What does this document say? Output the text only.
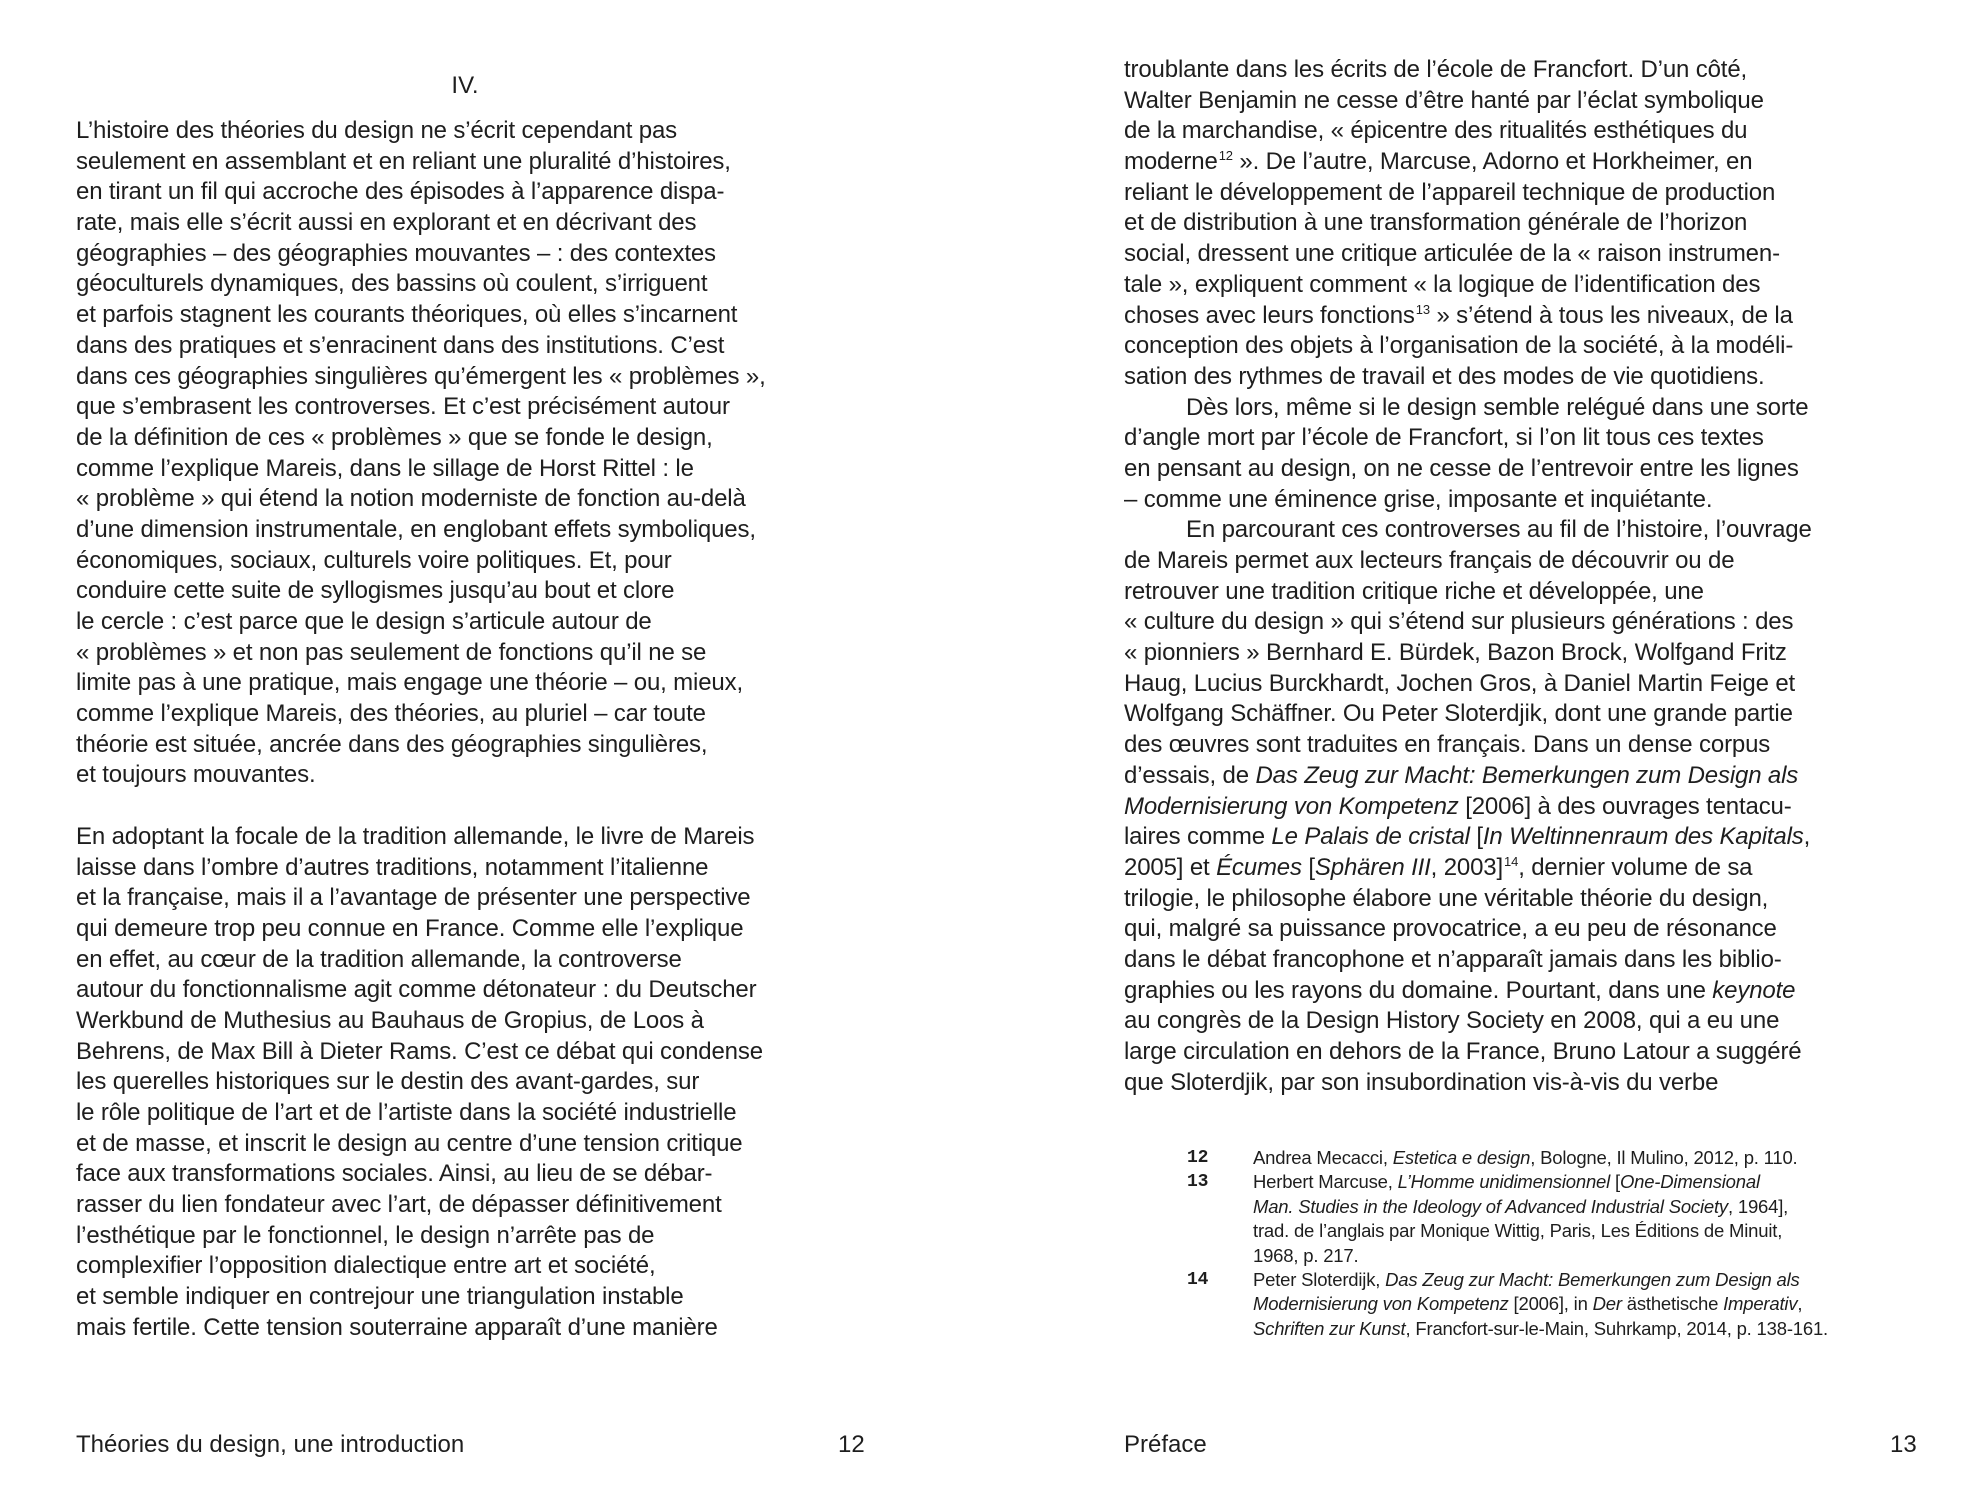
IV.
L’histoire des théories du design ne s’écrit cependant pas
seulement en assemblant et en reliant une pluralité d’histoires,
en tirant un fil qui accroche des épisodes à l’apparence dispa-
rate, mais elle s’écrit aussi en explorant et en décrivant des
géographies – des géographies mouvantes – : des contextes
géoculturels dynamiques, des bassins où coulent, s’irriguent
et parfois stagnent les courants théoriques, où elles s’incarnent
dans des pratiques et s’enracinent dans des institutions. C’est
dans ces géographies singulières qu’émergent les « problèmes »,
que s’embrasent les controverses. Et c’est précisément autour
de la définition de ces « problèmes » que se fonde le design,
comme l’explique Mareis, dans le sillage de Horst Rittel : le
« problème » qui étend la notion moderniste de fonction au-delà
d’une dimension instrumentale, en englobant effets symboliques,
économiques, sociaux, culturels voire politiques. Et, pour
conduire cette suite de syllogismes jusqu’au bout et clore
le cercle : c’est parce que le design s’articule autour de
« problèmes » et non pas seulement de fonctions qu’il ne se
limite pas à une pratique, mais engage une théorie – ou, mieux,
comme l’explique Mareis, des théories, au pluriel – car toute
théorie est située, ancrée dans des géographies singulières,
et toujours mouvantes.
En adoptant la focale de la tradition allemande, le livre de Mareis
laisse dans l’ombre d’autres traditions, notamment l’italienne
et la française, mais il a l’avantage de présenter une perspective
qui demeure trop peu connue en France. Comme elle l’explique
en effet, au cœur de la tradition allemande, la controverse
autour du fonctionnalisme agit comme détonateur : du Deutscher
Werkbund de Muthesius au Bauhaus de Gropius, de Loos à
Behrens, de Max Bill à Dieter Rams. C’est ce débat qui condense
les querelles historiques sur le destin des avant-gardes, sur
le rôle politique de l’art et de l’artiste dans la société industrielle
et de masse, et inscrit le design au centre d’une tension critique
face aux transformations sociales. Ainsi, au lieu de se débar-
rasser du lien fondateur avec l’art, de dépasser définitivement
l’esthétique par le fonctionnel, le design n’arrête pas de
complexifier l’opposition dialectique entre art et société,
et semble indiquer en contrejour une triangulation instable
mais fertile. Cette tension souterraine apparaît d’une manière
Théories du design, une introduction	12
troublante dans les écrits de l’école de Francfort. D’un côté,
Walter Benjamin ne cesse d’être hanté par l’éclat symbolique
de la marchandise, « épicentre des ritualités esthétiques du
moderne$^{12}$ ». De l’autre, Marcuse, Adorno et Horkheimer, en
reliant le développement de l’appareil technique de production
et de distribution à une transformation générale de l’horizon
social, dressent une critique articulée de la « raison instrumen-
tale », expliquent comment « la logique de l’identification des
choses avec leurs fonctions$^{13}$ » s’étend à tous les niveaux, de la
conception des objets à l’organisation de la société, à la modéli-
sation des rythmes de travail et des modes de vie quotidiens.
Dès lors, même si le design semble relégué dans une sorte
d’angle mort par l’école de Francfort, si l’on lit tous ces textes
en pensant au design, on ne cesse de l’entrevoir entre les lignes
– comme une éminence grise, imposante et inquiétante.
En parcourant ces controverses au fil de l’histoire, l’ouvrage
de Mareis permet aux lecteurs français de découvrir ou de
retrouver une tradition critique riche et développée, une
« culture du design » qui s’étend sur plusieurs générations : des
« pionniers » Bernhard E. Bürdek, Bazon Brock, Wolfgand Fritz
Haug, Lucius Burckhardt, Jochen Gros, à Daniel Martin Feige et
Wolfgang Schäffner. Ou Peter Sloterdjik, dont une grande partie
des œuvres sont traduites en français. Dans un dense corpus
d’essais, de Das Zeug zur Macht: Bemerkungen zum Design als
Modernisierung von Kompetenz [2006] à des ouvrages tentacu-
laires comme Le Palais de cristal [In Weltinnenraum des Kapitals,
2005] et Écumes [Sphären III, 2003]$^{14}$, dernier volume de sa
trilogie, le philosophe élabore une véritable théorie du design,
qui, malgré sa puissance provocatrice, a eu peu de résonance
dans le débat francophone et n’apparaît jamais dans les biblio-
graphies ou les rayons du domaine. Pourtant, dans une keynote
au congrès de la Design History Society en 2008, qui a eu une
large circulation en dehors de la France, Bruno Latour a suggéré
que Sloterdjik, par son insubordination vis-à-vis du verbe
12	Andrea Mecacci, Estetica e design, Bologne, Il Mulino, 2012, p. 110.
13	Herbert Marcuse, L’Homme unidimensionnel [One-Dimensional
Man. Studies in the Ideology of Advanced Industrial Society, 1964],
trad. de l’anglais par Monique Wittig, Paris, Les Éditions de Minuit,
1968, p. 217.
14	Peter Sloterdijk, Das Zeug zur Macht: Bemerkungen zum Design als
Modernisierung von Kompetenz [2006], in Der ästhetische Imperativ,
Schriften zur Kunst, Francfort-sur-le-Main, Suhrkamp, 2014, p. 138-161.
Préface	13
